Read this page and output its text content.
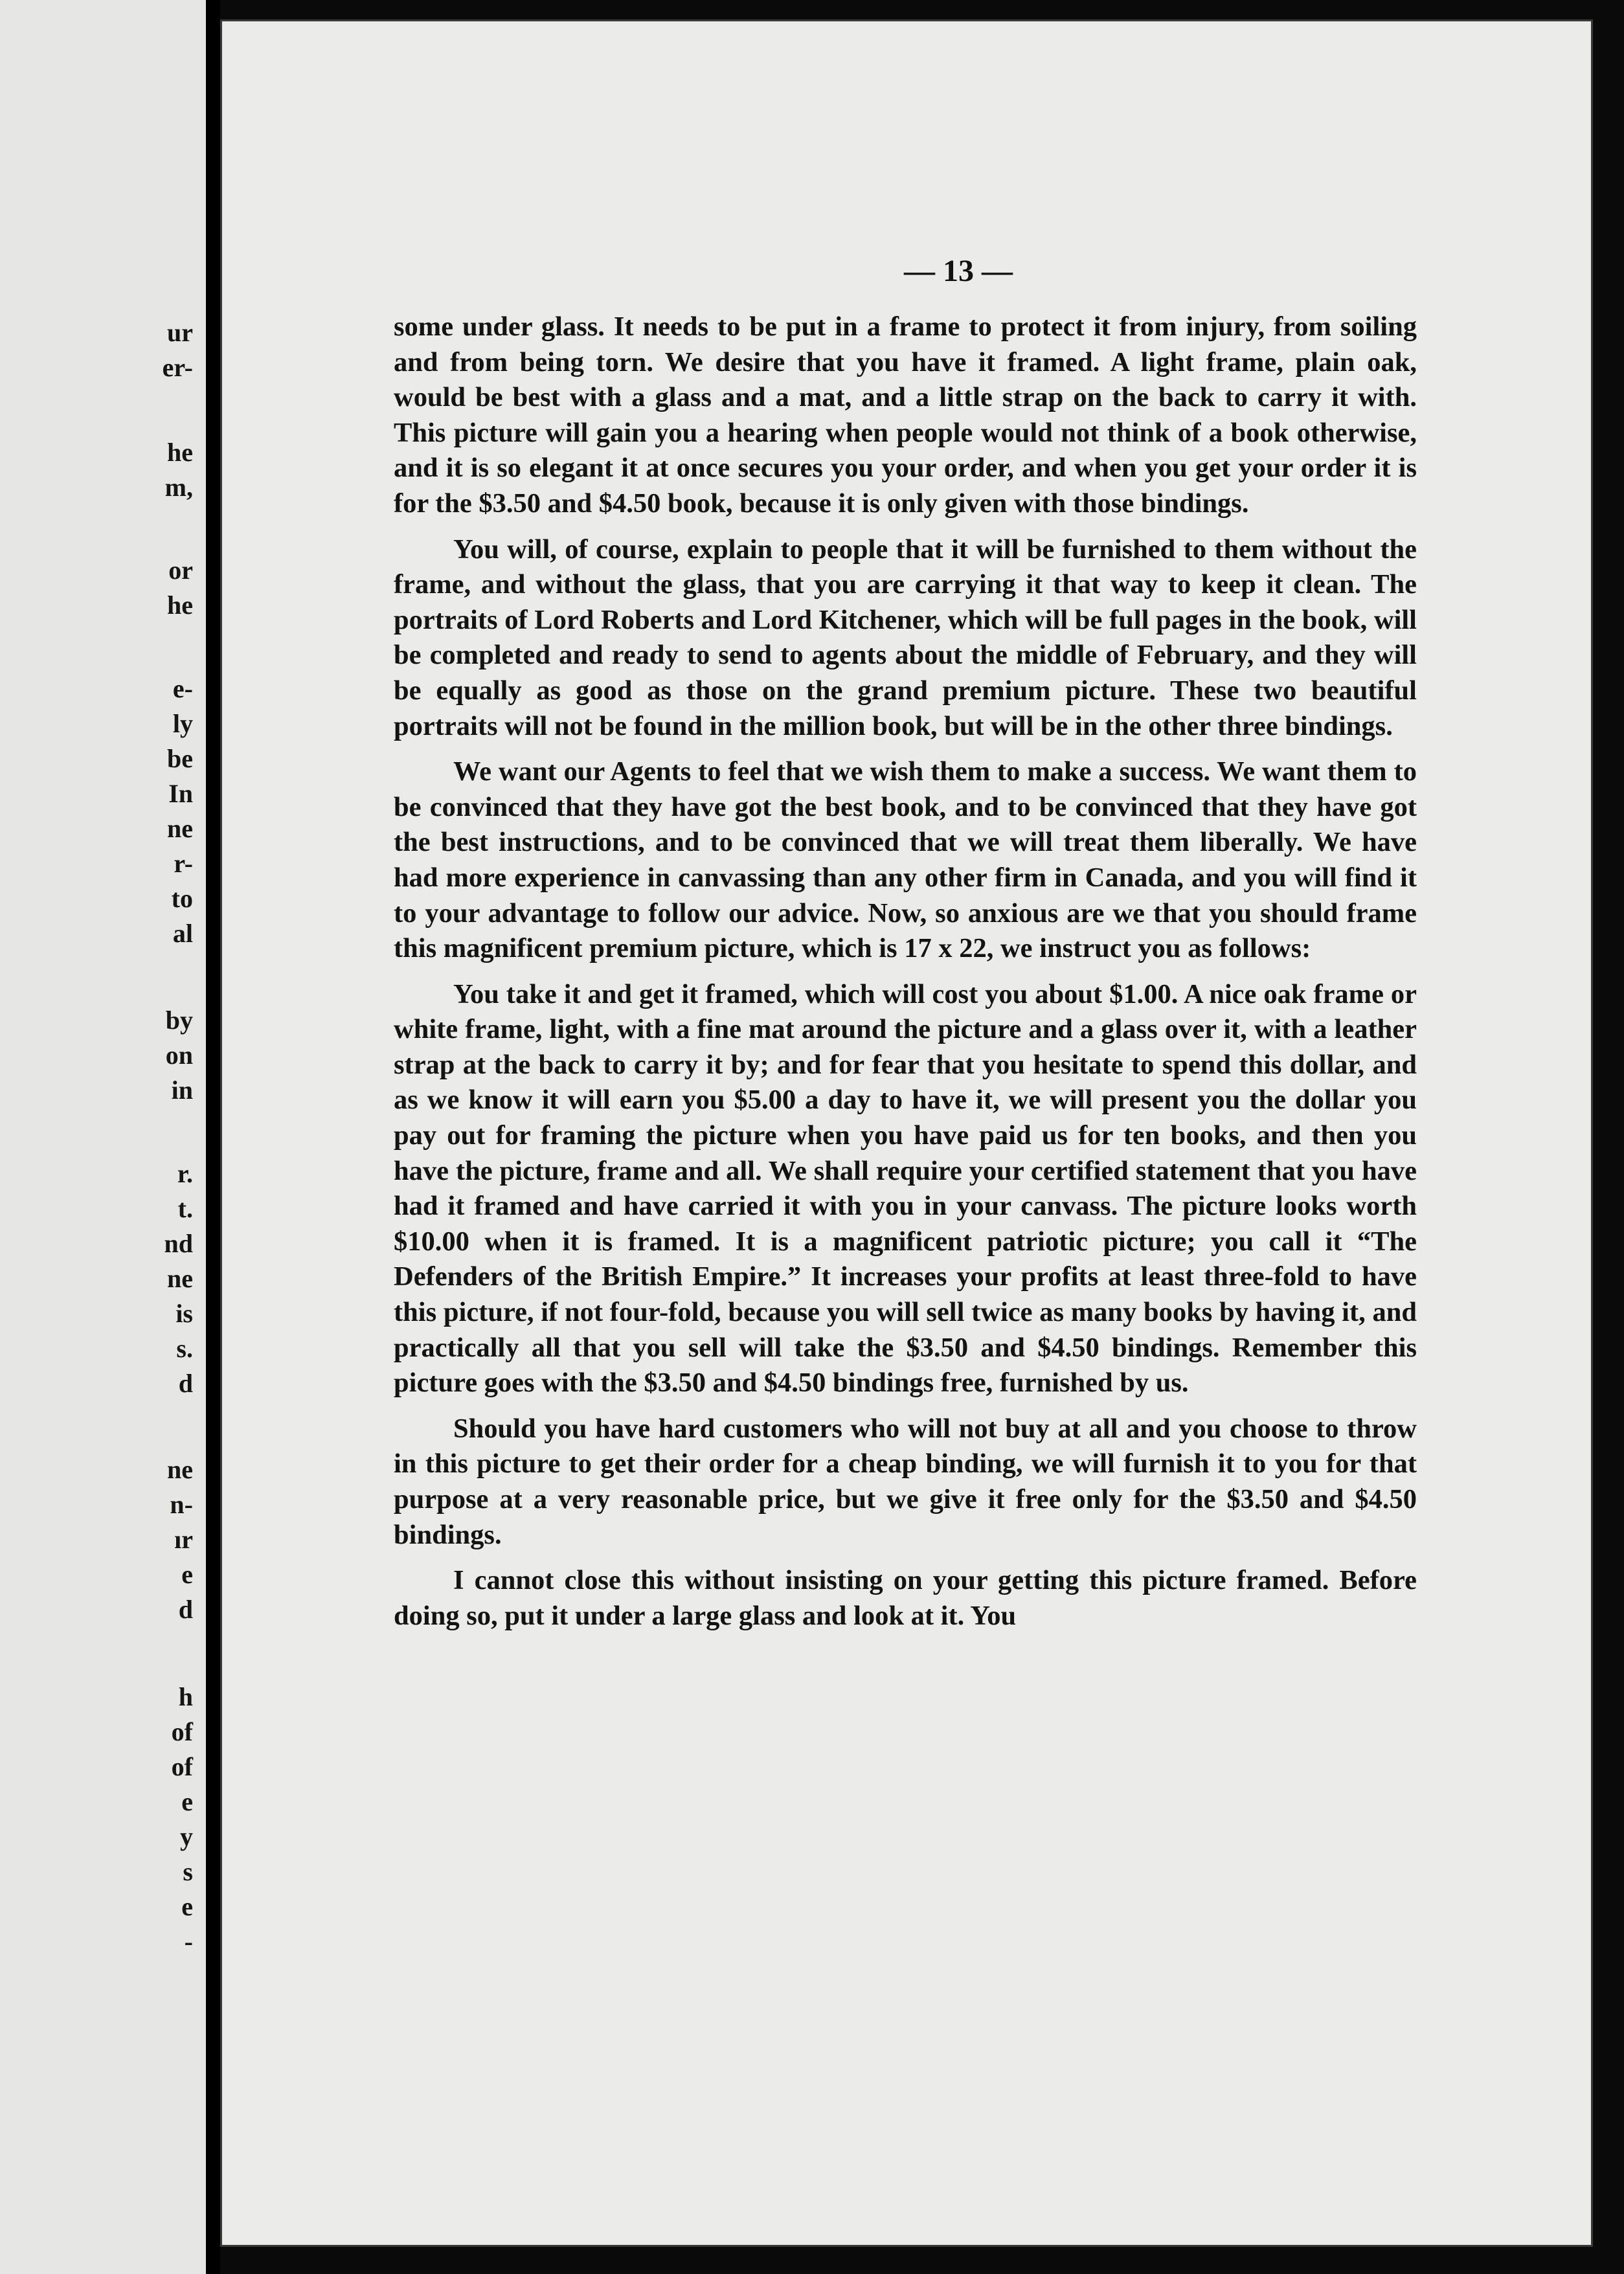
ur
er-
he
m,
or
he
e-
ly
be
In
ne
r-
to
al
by
on
in
r.
t.
nd
ne
is
s.
d
ne
n-
ır
e
d
h
of
of
e
y
s
e
-
— 13 —

some under glass. It needs to be put in a frame to protect it from injury, from soiling and from being torn. We desire that you have it framed. A light frame, plain oak, would be best with a glass and a mat, and a little strap on the back to carry it with. This picture will gain you a hearing when people would not think of a book otherwise, and it is so elegant it at once secures you your order, and when you get your order it is for the $3.50 and $4.50 book, because it is only given with those bindings.

You will, of course, explain to people that it will be furnished to them without the frame, and without the glass, that you are carrying it that way to keep it clean. The portraits of Lord Roberts and Lord Kitchener, which will be full pages in the book, will be completed and ready to send to agents about the middle of February, and they will be equally as good as those on the grand premium picture. These two beautiful portraits will not be found in the million book, but will be in the other three bindings.

We want our Agents to feel that we wish them to make a success. We want them to be convinced that they have got the best book, and to be convinced that they have got the best instructions, and to be convinced that we will treat them liberally. We have had more experience in canvassing than any other firm in Canada, and you will find it to your advantage to follow our advice. Now, so anxious are we that you should frame this magnificent premium picture, which is 17 x 22, we instruct you as follows:

You take it and get it framed, which will cost you about $1.00. A nice oak frame or white frame, light, with a fine mat around the picture and a glass over it, with a leather strap at the back to carry it by; and for fear that you hesitate to spend this dollar, and as we know it will earn you $5.00 a day to have it, we will present you the dollar you pay out for framing the picture when you have paid us for ten books, and then you have the picture, frame and all. We shall require your certified statement that you have had it framed and have carried it with you in your canvass. The picture looks worth $10.00 when it is framed. It is a magnificent patriotic picture; you call it “The Defenders of the British Empire.” It increases your profits at least three-fold to have this picture, if not four-fold, because you will sell twice as many books by having it, and practically all that you sell will take the $3.50 and $4.50 bindings. Remember this picture goes with the $3.50 and $4.50 bindings free, furnished by us.

Should you have hard customers who will not buy at all and you choose to throw in this picture to get their order for a cheap binding, we will furnish it to you for that purpose at a very reasonable price, but we give it free only for the $3.50 and $4.50 bindings.

I cannot close this without insisting on your getting this picture framed. Before doing so, put it under a large glass and look at it. You
